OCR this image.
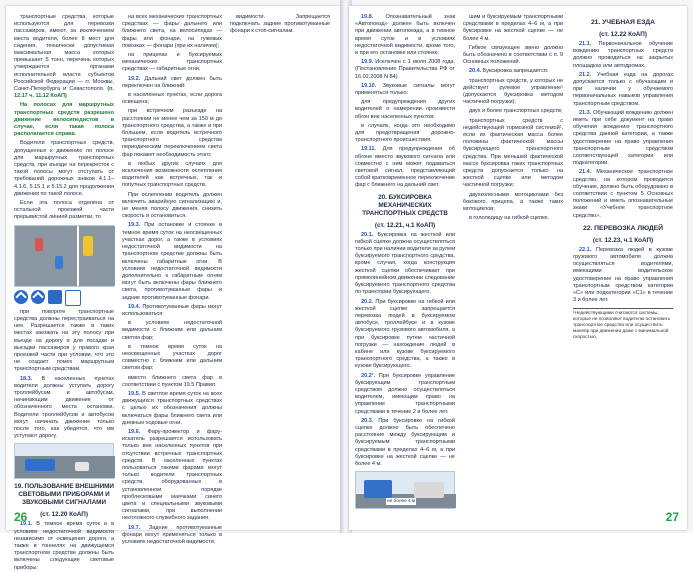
транспортные средства, которые используются для перевозки пассажиров, имеют, за исключением места водителя, более 8 мест для сидения, технически допустимая максимальная масса которых превышает 5 тонн, перечень которых утверждается органами исполнительной власти субъектов Российской Федерации — гг. Москвы, Санкт-Петербурга и Севастополя. (п. 12.17 ч. 11.12 КоАП)

На полосах для маршрутных транспортных средств разрешено движение велосипедистов в случае, если такая полоса располагается справа.

Водители транспортных средств, допущенных к движению по полосе для маршрутных транспортных средств, при въезде на перекресток с такой полосы могут отступать от требований дорожных знаков 4.1.1–4.1.6, 5.15.1 и 5.15.2 для продолжения движения по такой полосе.

Если эта полоса отделена от остальной проезжей части прерывистой линией разметки, то

при повороте транспортные средства должны перестраиваться на нее. Разрешается также в таких местах заезжать на эту полосу при въезде на дорогу и для посадки и высадки пассажиров у правого края проезжей части при условии, что это не создает помех маршрутным транспортным средствам.

18.3. В населенных пунктах водители должны уступать дорогу троллейбусам и автобусам, начинающим движение от обозначенного места остановки. Водители троллейбусов и автобусов могут начинать движение только после того, как убедятся, что им уступают дорогу.

19. ПОЛЬЗОВАНИЕ ВНЕШНИМИ СВЕТОВЫМИ ПРИБОРАМИ И ЗВУКОВЫМИ СИГНАЛАМИ
(ст. 12.20 КоАП)

19.1. В темное время суток и в условиях недостаточной видимости независимо от освещения дороги, а также в тоннелях на движущемся транспортном средстве должны быть включены следующие световые приборы:

на всех механических транспортных средствах — фары дальнего или ближнего света, на велосипедах — фары или фонари, на гужевых повозках — фонари (при их наличии);

на прицепах и буксируемых механических транспортных средствах — габаритные огни.

19.2. Дальний свет должен быть переключен на ближний:

в населенных пунктах, если дорога освещена;

при встречном разъезде на расстоянии не менее чем за 150 м до транспортного средства, а также и при большем, если водитель встречного транспортного средства периодическим переключением света фар покажет необходимость этого;

в любых других случаях для исключения возможности ослепления водителей как встречных, так и попутных транспортных средств.

При ослеплении водитель должен включить аварийную сигнализацию и, не меняя полосу движения, снизить скорость и остановиться.

19.3. При остановке и стоянке в темное время суток на неосвещенных участках дорог, а также в условиях недостаточной видимости на транспортном средстве должны быть включены габаритные огни. В условиях недостаточной видимости дополнительно к габаритным огням могут быть включены фары ближнего света, противотуманные фары и задние противотуманные фонари.

19.4. Противотуманные фары могут использоваться:

в условиях недостаточной видимости с ближним или дальним светом фар;

в темное время суток на неосвещенных участках дорог совместно с ближним или дальним светом фар;

вместо ближнего света фар в соответствии с пунктом 19.5 Правил.

19.5. В светлое время суток на всех движущихся транспортных средствах с целью их обозначения должны включаться фары ближнего света или дневные ходовые огни.

19.6. Фару-прожектор и фару-искатель разрешается использовать только вне населенных пунктов при отсутствии встречных транспортных средств. В населенных пунктах пользоваться такими фарами могут только водители транспортных средств, оборудованных в установленном порядке проблесковыми маячками синего цвета и специальными звуковыми сигналами, при выполнении неотложного служебного задания.

19.7. Задние противотуманные фонари могут применяться только в условиях недостаточной видимости.

видимости. Запрещается подключать задние противотуманные фонари к стоп-сигналам.

26

19.8. Опознавательный знак «Автопоезд» должен быть включен при движении автопоезда, а в темное время суток и в условиях недостаточной видимости, кроме того, и при его остановке или стоянке.

19.9. Исключен с 1 июля 2008 года. (Постановление Правительства РФ от 16.02.2008 N 84).

19.10. Звуковые сигналы могут применяться только:

для предупреждения других водителей о намерении произвести обгон вне населенных пунктов;

в случаях, когда это необходимо для предотвращения дорожно-транспортного происшествия.

19.11. Для предупреждения об обгоне вместо звукового сигнала или совместно с ним может подаваться световой сигнал, представляющий собой кратковременное переключение фар с ближнего на дальний свет.

20. БУКСИРОВКА МЕХАНИЧЕСКИХ ТРАНСПОРТНЫХ СРЕДСТВ
(ст. 12.21, ч.1 КоАП)

20.1. Буксировка на жесткой или гибкой сцепке должна осуществляться только при наличии водителя за рулем буксируемого транспортного средства, кроме случая, когда конструкция жесткой сцепки обеспечивает при прямолинейном движении следование буксируемого транспортного средства по траектории буксирующего.

20.2. При буксировке на гибкой или жесткой сцепке запрещается перевозка людей в буксируемом автобусе, троллейбусе и в кузове буксируемого грузового автомобиля, а при буксировке путем частичной погрузки — нахождение людей в кабине или кузове буксируемого транспортного средства, а также в кузове буксирующего.

20.2¹. При буксировке управление буксирующим транспортным средством должно осуществляться водителем, имеющим право на управление транспортными средствами в течение 2 и более лет.

20.3. При буксировке на гибкой сцепке должно быть обеспечено расстояние между буксирующим и буксируемым транспортными средствами в пределах 4–6 м, а при буксировке на жесткой сцепке — не более 4 м.

не более 4 м

шим и буксируемым транспортными средствами в пределах 4–6 м, а при буксировке на жесткой сцепке — не более 4 м.

Гибкое связующее звено должно быть обозначено в соответствии с п. 9 Основных положений.

20.4. Буксировка запрещается:

транспортных средств, у которых не действует рулевое управление¹ (допускается буксировка методом частичной погрузки);

двух и более транспортных средств;

транспортных средств с недействующей тормозной системой¹, если их фактическая масса более половины фактической массы буксирующего транспортного средства. При меньшей фактической массе буксировка таких транспортных средств допускается только на жесткой сцепке или методом частичной погрузки;

двухколесными мотоциклами без бокового прицепа, а также таких мотоциклов;

в гололедицу на гибкой сцепке.

21. УЧЕБНАЯ ЕЗДА
(ст. 12.22 КоАП)

21.1. Первоначальное обучение вождению транспортных средств должно проводиться на закрытых площадках или автодромах.

21.2. Учебная езда на дорогах допускается только с обучающим и при наличии у обучаемого первоначальных навыков управления транспортным средством.

21.3. Обучающий вождению должен иметь при себе документ на право обучения вождению транспортного средства данной категории, а также удостоверение на право управления транспортным средством соответствующей категории или подкатегории.

21.4. Механическое транспортное средство, на котором проводится обучение, должно быть оборудовано в соответствии с пунктом 5 Основных положений и иметь опознавательные знаки «Учебное транспортное средство».

22. ПЕРЕВОЗКА ЛЮДЕЙ
(ст. 12.23, ч.1 КоАП)

22.1. Перевозка людей в кузове грузового автомобиля должна осуществляться водителями, имеющими водительское удостоверение на право управления транспортным средством категории «C» или подкатегории «C1» в течение 3 и более лет.

¹Недействующими считаются системы, которые не позволяют водителю остановить транспортное средство или осуществить маневр при движении даже с минимальной скоростью.
27
